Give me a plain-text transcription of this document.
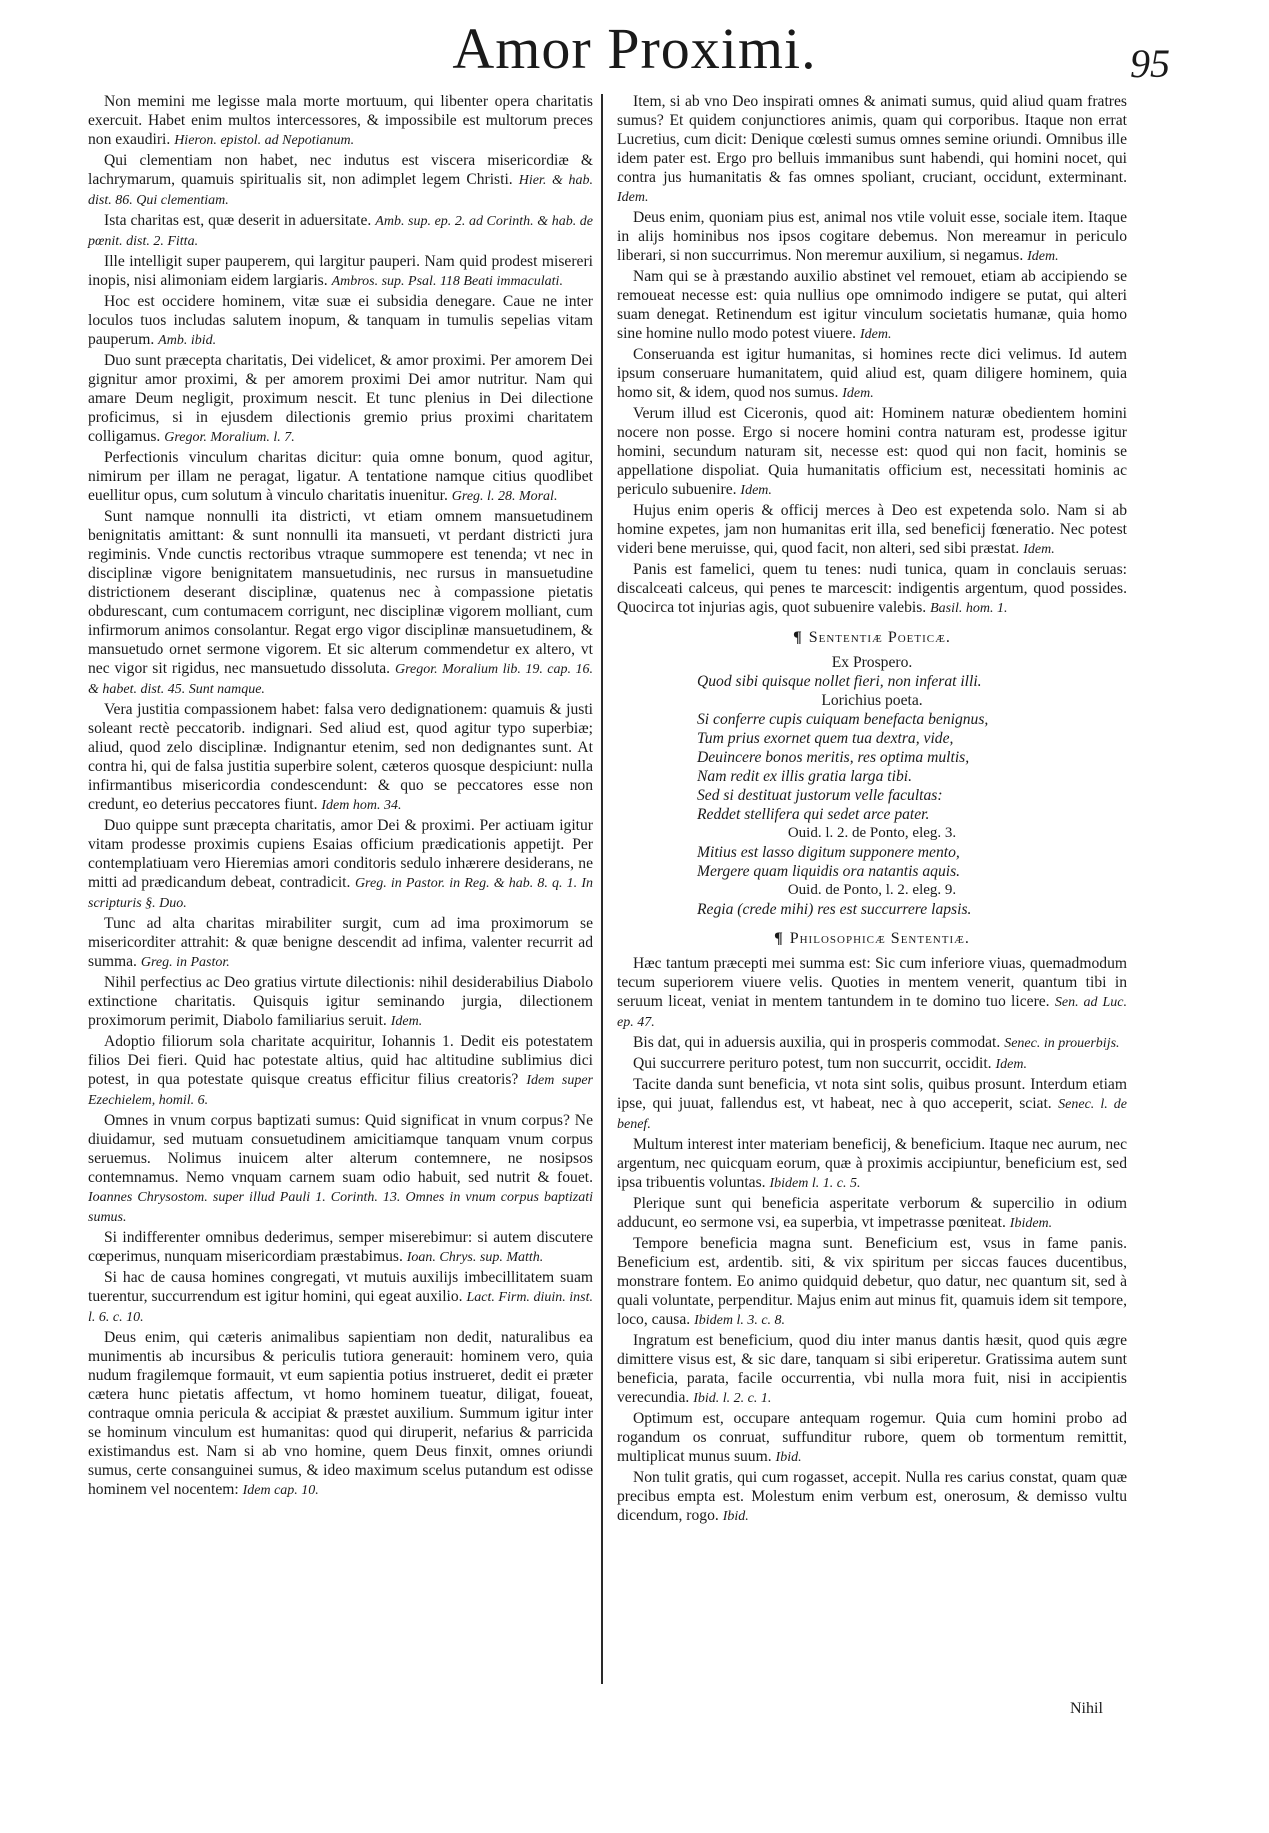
Amor Proximi.	95

Non memini me legisse mala morte mortuum, qui libenter opera charitatis exercuit. Habet enim multos intercessores, & impossibile est multorum preces non exaudiri. Hieron. epistol. ad Nepotianum.

Qui clementiam non habet, nec indutus est viscera misericordiæ & lachrymarum, quamuis spiritualis sit, non adimplet legem Christi. Hier. & hab. dist. 86. Qui clementiam.

Ista charitas est, quæ deserit in aduersitate. Amb. sup. ep. 2. ad Corinth. & hab. de pœnit. dist. 2. Fitta.

Ille intelligit super pauperem, qui largitur pauperi. Nam quid prodest misereri inopis, nisi alimoniam eidem largiaris. Ambros. sup. Psal. 118 Beati immaculati.

Hoc est occidere hominem, vitæ suæ ei subsidia denegare. Caue ne inter loculos tuos includas salutem inopum, & tanquam in tumulis sepelias vitam pauperum. Amb. ibid.

Duo sunt præcepta charitatis, Dei videlicet, & amor proximi. Per amorem Dei gignitur amor proximi, & per amorem proximi Dei amor nutritur. Nam qui amare Deum negligit, proximum nescit. Et tunc plenius in Dei dilectione proficimus, si in ejusdem dilectionis gremio prius proximi charitatem colligamus. Gregor. Moralium. l. 7.

Perfectionis vinculum charitas dicitur: quia omne bonum, quod agitur, nimirum per illam ne peragat, ligatur. A tentatione namque citius quodlibet euellitur opus, cum solutum à vinculo charitatis inuenitur. Greg. l. 28. Moral.

Sunt namque nonnulli ita districti, vt etiam omnem mansuetudinem benignitatis amittant: & sunt nonnulli ita mansueti, vt perdant districti jura regiminis. Vnde cunctis rectoribus vtraque summopere est tenenda; vt nec in disciplinæ vigore benignitatem mansuetudinis, nec rursus in mansuetudine districtionem deserant disciplinæ, quatenus nec à compassione pietatis obdurescant, cum contumacem corrigunt, nec disciplinæ vigorem molliant, cum infirmorum animos consolantur. Regat ergo vigor disciplinæ mansuetudinem, & mansuetudo ornet sermone vigorem. Et sic alterum commendetur ex altero, vt nec vigor sit rigidus, nec mansuetudo dissoluta. Gregor. Moralium lib. 19. cap. 16. & habet. dist. 45. Sunt namque.

Vera justitia compassionem habet: falsa vero dedignationem: quamuis & justi soleant rectè peccatorib. indignari. Sed aliud est, quod agitur typo superbiæ; aliud, quod zelo disciplinæ. Indignantur etenim, sed non dedignantes sunt. At contra hi, qui de falsa justitia superbire solent, cæteros quosque despiciunt: nulla infirmantibus misericordia condescendunt: & quo se peccatores esse non credunt, eo deterius peccatores fiunt. Idem hom. 34.

Duo quippe sunt præcepta charitatis, amor Dei & proximi. Per actiuam igitur vitam prodesse proximis cupiens Esaias officium prædicationis appetijt. Per contemplatiuam vero Hieremias amori conditoris sedulo inhærere desiderans, ne mitti ad prædicandum debeat, contradicit. Greg. in Pastor. in Reg. & hab. 8. q. 1. In scripturis §. Duo.

Tunc ad alta charitas mirabiliter surgit, cum ad ima proximorum se misericorditer attrahit: & quæ benigne descendit ad infima, valenter recurrit ad summa. Greg. in Pastor.

Nihil perfectius ac Deo gratius virtute dilectionis: nihil desiderabilius Diabolo extinctione charitatis. Quisquis igitur seminando jurgia, dilectionem proximorum perimit, Diabolo familiarius seruit. Idem.

Adoptio filiorum sola charitate acquiritur, Iohannis 1. Dedit eis potestatem filios Dei fieri. Quid hac potestate altius, quid hac altitudine sublimius dici potest, in qua potestate quisque creatus efficitur filius creatoris? Idem super Ezechielem, homil. 6.

Omnes in vnum corpus baptizati sumus: Quid significat in vnum corpus? Ne diuidamur, sed mutuam consuetudinem amicitiamque tanquam vnum corpus seruemus. Nolimus inuicem alter alterum contemnere, ne nosipsos contemnamus. Nemo vnquam carnem suam odio habuit, sed nutrit & fouet. Ioannes Chrysostom. super illud Pauli 1. Corinth. 13. Omnes in vnum corpus baptizati sumus.

Si indifferenter omnibus dederimus, semper miserebimur: si autem discutere cœperimus, nunquam misericordiam præstabimus. Ioan. Chrys. sup. Matth.

Si hac de causa homines congregati, vt mutuis auxilijs imbecillitatem suam tuerentur, succurrendum est igitur homini, qui egeat auxilio. Lact. Firm. diuin. inst. l. 6. c. 10.

Deus enim, qui cæteris animalibus sapientiam non dedit, naturalibus ea munimentis ab incursibus & periculis tutiora generauit: hominem vero, quia nudum fragilemque formauit, vt eum sapientia potius instrueret, dedit ei præter cætera hunc pietatis affectum, vt homo hominem tueatur, diligat, foueat, contraque omnia pericula & accipiat & præstet auxilium. Summum igitur inter se hominum vinculum est humanitas: quod qui diruperit, nefarius & parricida existimandus est. Nam si ab vno homine, quem Deus finxit, omnes oriundi sumus, certe consanguinei sumus, & ideo maximum scelus putandum est odisse hominem vel nocentem: Idem cap. 10.

Item, si ab vno Deo inspirati omnes & animati sumus, quid aliud quam fratres sumus? Et quidem conjunctiores animis, quam qui corporibus. Itaque non errat Lucretius, cum dicit: Denique cœlesti sumus omnes semine oriundi. Omnibus ille idem pater est. Ergo pro belluis immanibus sunt habendi, qui homini nocet, qui contra jus humanitatis & fas omnes spoliant, cruciant, occidunt, exterminant. Idem.

Deus enim, quoniam pius est, animal nos vtile voluit esse, sociale item. Itaque in alijs hominibus nos ipsos cogitare debemus. Non mereamur in periculo liberari, si non succurrimus. Non meremur auxilium, si negamus. Idem.

Nam qui se à præstando auxilio abstinet vel remouet, etiam ab accipiendo se remoueat necesse est: quia nullius ope omnimodo indigere se putat, qui alteri suam denegat. Retinendum est igitur vinculum societatis humanæ, quia homo sine homine nullo modo potest viuere. Idem.

Conseruanda est igitur humanitas, si homines recte dici velimus. Id autem ipsum conseruare humanitatem, quid aliud est, quam diligere hominem, quia homo sit, & idem, quod nos sumus. Idem.

Verum illud est Ciceronis, quod ait: Hominem naturæ obedientem homini nocere non posse. Ergo si nocere homini contra naturam est, prodesse igitur homini, secundum naturam sit, necesse est: quod qui non facit, hominis se appellatione dispoliat. Quia humanitatis officium est, necessitati hominis ac periculo subuenire. Idem.

Hujus enim operis & officij merces à Deo est expetenda solo. Nam si ab homine expetes, jam non humanitas erit illa, sed beneficij fœneratio. Nec potest videri bene meruisse, qui, quod facit, non alteri, sed sibi præstat. Idem.

Panis est famelici, quem tu tenes: nudi tunica, quam in conclauis seruas: discalceati calceus, qui penes te marcescit: indigentis argentum, quod possides. Quocirca tot injurias agis, quot subuenire valebis. Basil. hom. 1.

¶ Sententiæ Poeticæ.
Ex Prospero.
Quod sibi quisque nollet fieri, non inferat illi.
Lorichius poeta.
Si conferre cupis cuiquam benefacta benignus,
Tum prius exornet quem tua dextra, vide,
Deuincere bonos meritis, res optima multis,
Nam redit ex illis gratia larga tibi.
Sed si destituat justorum velle facultas:
Reddet stellifera qui sedet arce pater.
Ouid. l. 2. de Ponto, eleg. 3.
Mitius est lasso digitum supponere mento,
Mergere quam liquidis ora natantis aquis.
Ouid. de Ponto, l. 2. eleg. 9.
Regia (crede mihi) res est succurrere lapsis.
¶ Philosophicæ Sententiæ.

Hæc tantum præcepti mei summa est: Sic cum inferiore viuas, quemadmodum tecum superiorem viuere velis. Quoties in mentem venerit, quantum tibi in seruum liceat, veniat in mentem tantundem in te domino tuo licere. Sen. ad Luc. ep. 47.

Bis dat, qui in aduersis auxilia, qui in prosperis commodat. Senec. in prouerbijs.

Qui succurrere perituro potest, tum non succurrit, occidit. Idem.

Tacite danda sunt beneficia, vt nota sint solis, quibus prosunt. Interdum etiam ipse, qui juuat, fallendus est, vt habeat, nec à quo acceperit, sciat. Senec. l. de benef.

Multum interest inter materiam beneficij, & beneficium. Itaque nec aurum, nec argentum, nec quicquam eorum, quæ à proximis accipiuntur, beneficium est, sed ipsa tribuentis voluntas. Ibidem l. 1. c. 5.

Plerique sunt qui beneficia asperitate verborum & supercilio in odium adducunt, eo sermone vsi, ea superbia, vt impetrasse pœniteat. Ibidem.

Tempore beneficia magna sunt. Beneficium est, vsus in fame panis. Beneficium est, ardentib. siti, & vix spiritum per siccas fauces ducentibus, monstrare fontem. Eo animo quidquid debetur, quo datur, nec quantum sit, sed à quali voluntate, perpenditur. Majus enim aut minus fit, quamuis idem sit tempore, loco, causa. Ibidem l. 3. c. 8.

Ingratum est beneficium, quod diu inter manus dantis hæsit, quod quis ægre dimittere visus est, & sic dare, tanquam si sibi eriperetur. Gratissima autem sunt beneficia, parata, facile occurrentia, vbi nulla mora fuit, nisi in accipientis verecundia. Ibid. l. 2. c. 1.

Optimum est, occupare antequam rogemur. Quia cum homini probo ad rogandum os conruat, suffunditur rubore, quem ob tormentum remittit, multiplicat munus suum. Ibid.

Non tulit gratis, qui cum rogasset, accepit. Nulla res carius constat, quam quæ precibus empta est. Molestum enim verbum est, onerosum, & demisso vultu dicendum, rogo. Ibid.

Nihil
